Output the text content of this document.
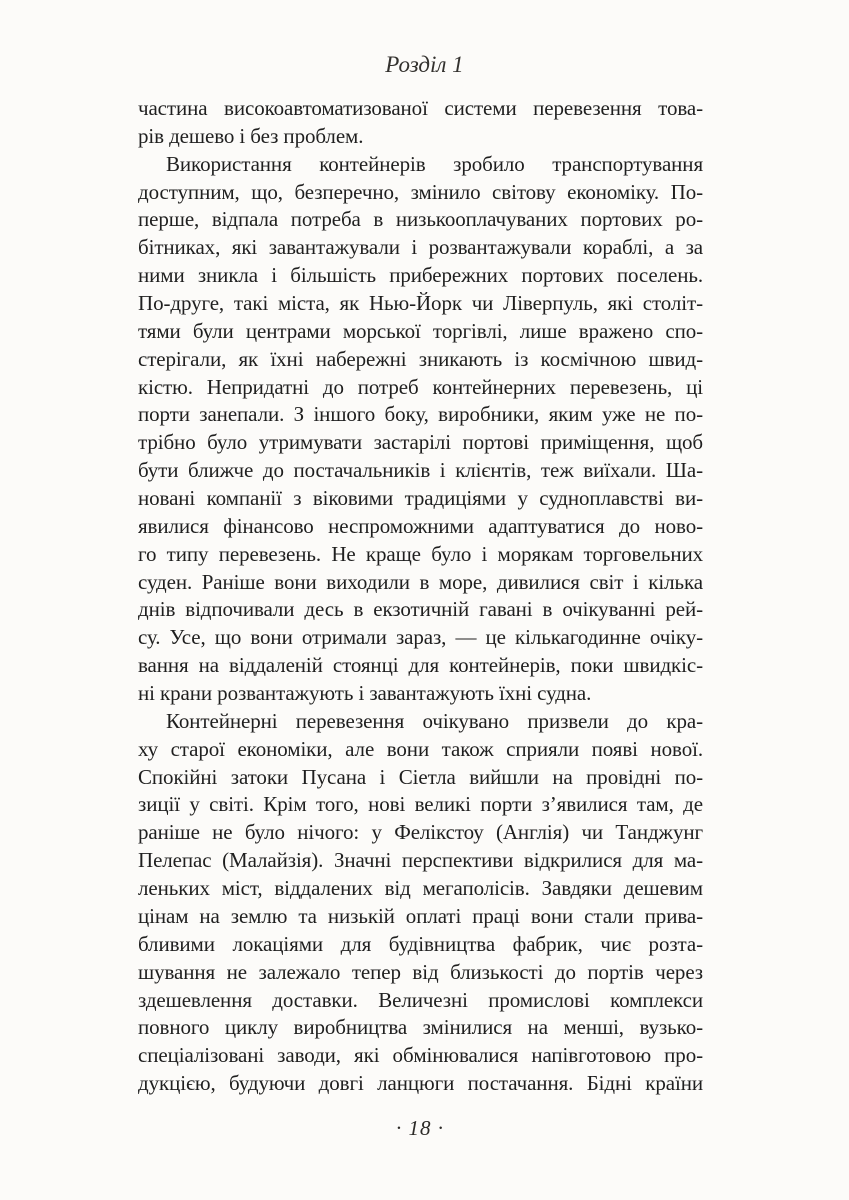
Розділ 1

частина високоавтоматизованої системи перевезення това-
рів дешево і без проблем.

Використання контейнерів зробило транспортування
доступним, що, безперечно, змінило світову економіку. По-
перше, відпала потреба в низькооплачуваних портових ро-
бітниках, які завантажували і розвантажували кораблі, а за
ними зникла і більшість прибережних портових поселень.
По-друге, такі міста, як Нью-Йорк чи Ліверпуль, які століт-
тями були центрами морської торгівлі, лише вражено спо-
стерігали, як їхні набережні зникають із космічною швид-
кістю. Непридатні до потреб контейнерних перевезень, ці
порти занепали. З іншого боку, виробники, яким уже не по-
трібно було утримувати застарілі портові приміщення, щоб
бути ближче до постачальників і клієнтів, теж виїхали. Ша-
новані компанії з віковими традиціями у судноплавстві ви-
явилися фінансово неспроможними адаптуватися до ново-
го типу перевезень. Не краще було і морякам торговельних
суден. Раніше вони виходили в море, дивилися світ і кілька
днів відпочивали десь в екзотичній гавані в очікуванні рей-
су. Усе, що вони отримали зараз, — це кількагодинне очіку-
вання на віддаленій стоянці для контейнерів, поки швидкіс-
ні крани розвантажують і завантажують їхні судна.

Контейнерні перевезення очікувано призвели до кра-
ху старої економіки, але вони також сприяли появі нової.
Спокійні затоки Пусана і Сіетла вийшли на провідні по-
зиції у світі. Крім того, нові великі порти з’явилися там, де
раніше не було нічого: у Фелікстоу (Англія) чи Танджунг
Пелепас (Малайзія). Значні перспективи відкрилися для ма-
леньких міст, віддалених від мегаполісів. Завдяки дешевим
цінам на землю та низькій оплаті праці вони стали прива-
бливими локаціями для будівництва фабрик, чиє розта-
шування не залежало тепер від близькості до портів через
здешевлення доставки. Величезні промислові комплекси
повного циклу виробництва змінилися на менші, вузько-
спеціалізовані заводи, які обмінювалися напівготовою про-
дукцією, будуючи довгі ланцюги постачання. Бідні країни

· 18 ·
